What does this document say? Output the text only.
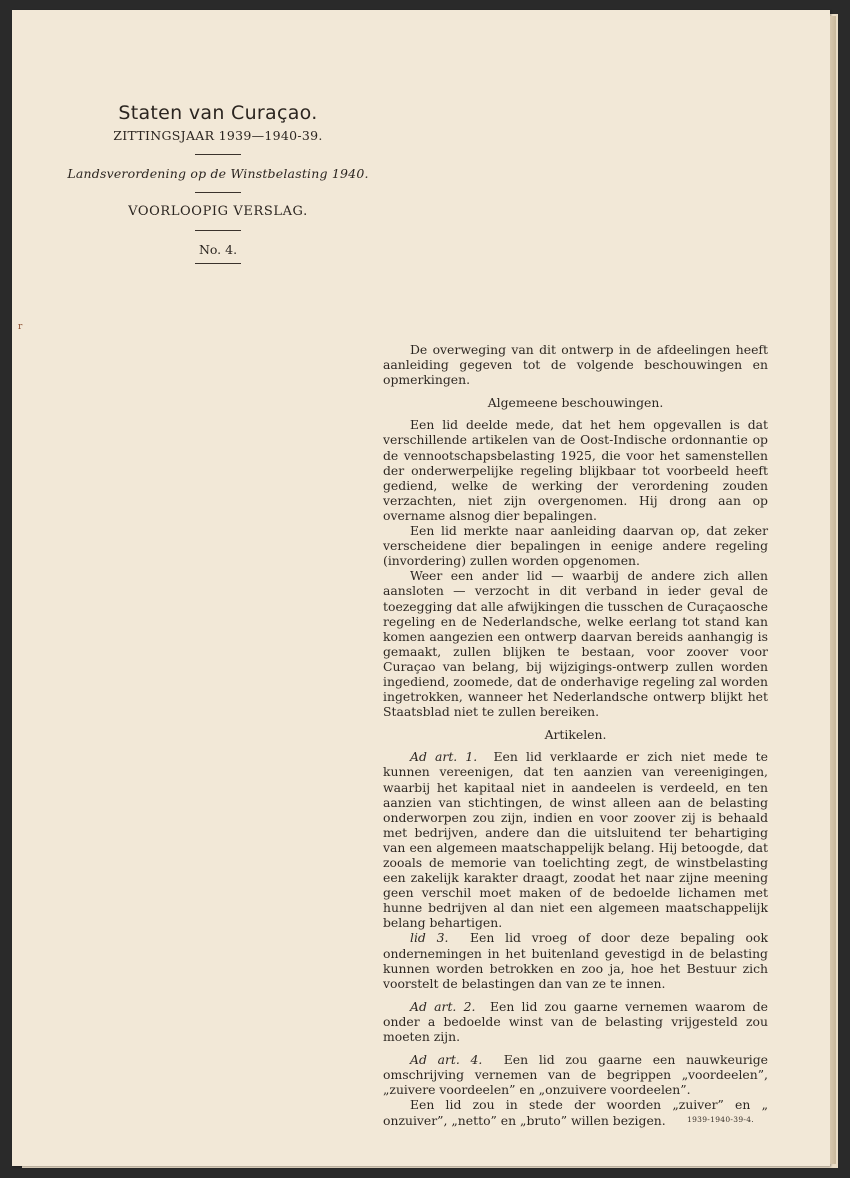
Staten van Curaçao.
ZITTINGSJAAR 1939—1940-39.
Landsverordening op de Winstbelasting 1940.
VOORLOOPIG VERSLAG.
No. 4.
r

De overweging van dit ontwerp in de afdeelingen heeft aanleiding gegeven tot de volgende beschouwingen en opmerkingen.

Algemeene beschouwingen.

Een lid deelde mede, dat het hem opgevallen is dat verschillende artikelen van de Oost-Indische ordonnantie op de vennootschapsbelasting 1925, die voor het samenstellen der onderwerpelijke regeling blijkbaar tot voorbeeld heeft gediend, welke de werking der verordening zouden verzachten, niet zijn overgenomen. Hij drong aan op overname alsnog dier bepalingen.

Een lid merkte naar aanleiding daarvan op, dat zeker verscheidene dier bepalingen in eenige andere regeling (invordering) zullen worden opgenomen.

Weer een ander lid — waarbij de andere zich allen aansloten — verzocht in dit verband in ieder geval de toezegging dat alle afwijkingen die tusschen de Curaçaosche regeling en de Nederlandsche, welke eerlang tot stand kan komen aangezien een ontwerp daarvan bereids aanhangig is gemaakt, zullen blijken te bestaan, voor zoover voor Curaçao van belang, bij wijzigings-ontwerp zullen worden ingediend, zoomede, dat de onderhavige regeling zal worden ingetrokken, wanneer het Nederlandsche ontwerp blijkt het Staatsblad niet te zullen bereiken.

Artikelen.

Ad art. 1. Een lid verklaarde er zich niet mede te kunnen vereenigen, dat ten aanzien van vereenigingen, waarbij het kapitaal niet in aandeelen is verdeeld, en ten aanzien van stichtingen, de winst alleen aan de belasting onderworpen zou zijn, indien en voor zoover zij is behaald met bedrijven, andere dan die uitsluitend ter behartiging van een algemeen maatschappelijk belang. Hij betoogde, dat zooals de memorie van toelichting zegt, de winstbelasting een zakelijk karakter draagt, zoodat het naar zijne meening geen verschil moet maken of de bedoelde lichamen met hunne bedrijven al dan niet een algemeen maatschappelijk belang behartigen.

lid 3. Een lid vroeg of door deze bepaling ook ondernemingen in het buitenland gevestigd in de belasting kunnen worden betrokken en zoo ja, hoe het Bestuur zich voorstelt de belastingen dan van ze te innen.

Ad art. 2. Een lid zou gaarne vernemen waarom de onder a bedoelde winst van de belasting vrijgesteld zou moeten zijn.

Ad art. 4. Een lid zou gaarne een nauwkeurige omschrijving vernemen van de begrippen „voordeelen”, „zuivere voordeelen” en „onzuivere voordeelen”.

Een lid zou in stede der woorden „zuiver” en „ onzuiver”, „netto” en „bruto” willen bezigen.	1939-1940-39-4.
